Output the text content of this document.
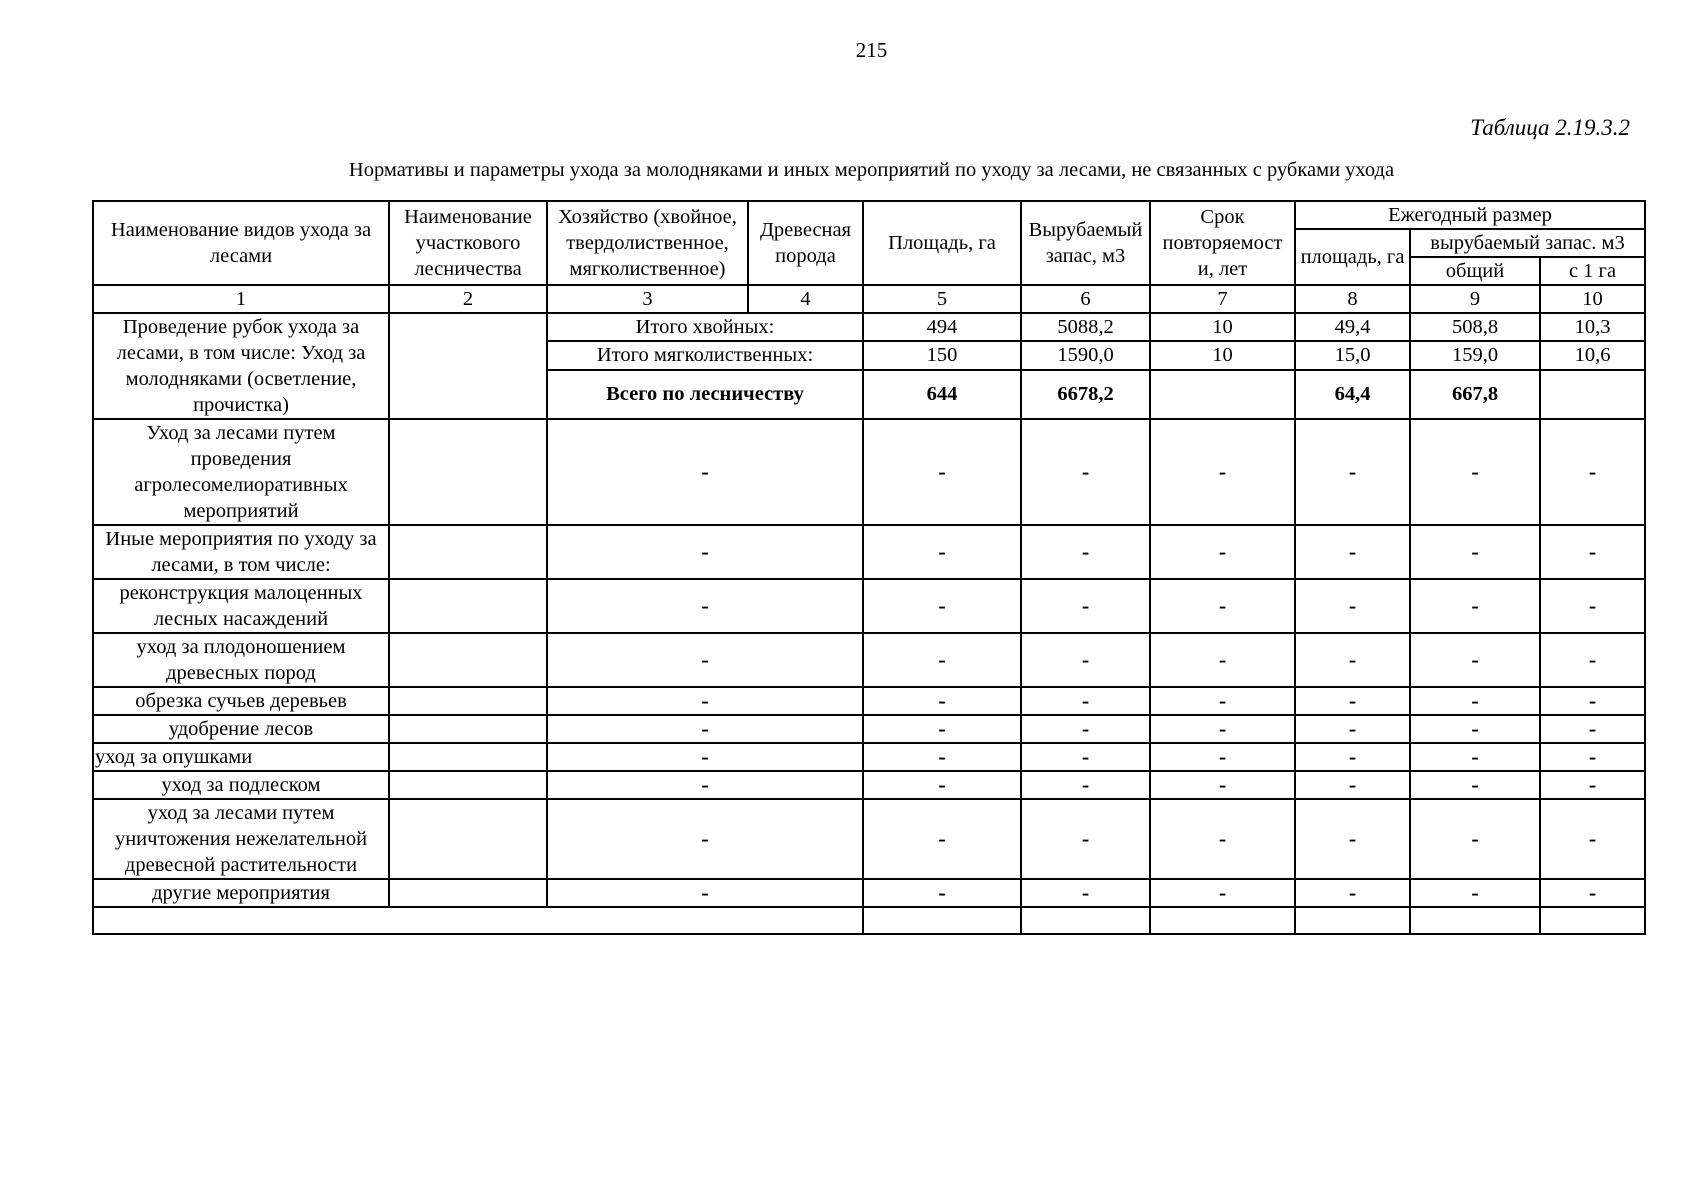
215
Таблица 2.19.3.2
Нормативы и параметры ухода за молодняками и иных мероприятий по уходу за лесами, не связанных с рубками ухода
Наименование видов ухода за лесами	Наименование участкового лесничества	Хозяйство (хвойное, твердолиственное, мягколиственное)	Древесная порода	Площадь, га	Вырубаемый запас, м3	Срок повторяемост и, лет	Ежегодный размер		
							площадь, га	вырубаемый запас. м3	
								общий	с 1 га
1	2	3	4	5	6	7	8	9	10
Проведение рубок ухода за лесами, в том числе: Уход за молодняками (осветление, прочистка)		Итого хвойных:		494	5088,2	10	49,4	508,8	10,3
		Итого мягколиственных:		150	1590,0	10	15,0	159,0	10,6
		Всего по лесничеству		644	6678,2		64,4	667,8	
Уход за лесами путем проведения агролесомелиоративных мероприятий		-		-	-	-	-	-	-
Иные мероприятия по уходу за лесами, в том числе:		-		-	-	-	-	-	-
реконструкция малоценных лесных насаждений		-		-	-	-	-	-	-
уход за плодоношением древесных пород		-		-	-	-	-	-	-
обрезка сучьев деревьев		-		-	-	-	-	-	-
удобрение лесов		-		-	-	-	-	-	-
уход за опушками		-		-	-	-	-	-	-
уход за подлеском		-		-	-	-	-	-	-
уход за лесами путем уничтожения нежелательной древесной растительности		-		-	-	-	-	-	-
другие мероприятия		-		-	-	-	-	-	-
